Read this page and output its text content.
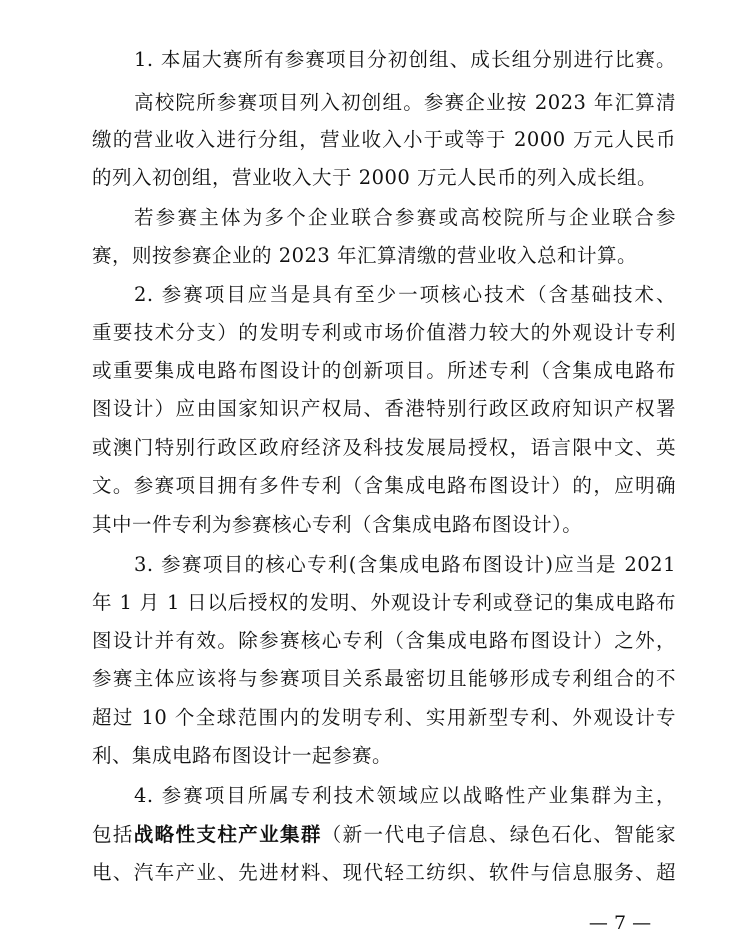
1. 本届大赛所有参赛项目分初创组、成长组分别进行比赛。
高校院所参赛项目列入初创组。参赛企业按 2023 年汇算清
缴的营业收入进行分组，营业收入小于或等于 2000 万元人民币
的列入初创组，营业收入大于 2000 万元人民币的列入成长组。
若参赛主体为多个企业联合参赛或高校院所与企业联合参
赛，则按参赛企业的 2023 年汇算清缴的营业收入总和计算。
2. 参赛项目应当是具有至少一项核心技术（含基础技术、
重要技术分支）的发明专利或市场价值潜力较大的外观设计专利
或重要集成电路布图设计的创新项目。所述专利（含集成电路布
图设计）应由国家知识产权局、香港特别行政区政府知识产权署
或澳门特别行政区政府经济及科技发展局授权，语言限中文、英
文。参赛项目拥有多件专利（含集成电路布图设计）的，应明确
其中一件专利为参赛核心专利（含集成电路布图设计）。
3. 参赛项目的核心专利(含集成电路布图设计)应当是 2021
年 1 月 1 日以后授权的发明、外观设计专利或登记的集成电路布
图设计并有效。除参赛核心专利（含集成电路布图设计）之外，
参赛主体应该将与参赛项目关系最密切且能够形成专利组合的不
超过 10 个全球范围内的发明专利、实用新型专利、外观设计专
利、集成电路布图设计一起参赛。
4. 参赛项目所属专利技术领域应以战略性产业集群为主，
包括战略性支柱产业集群（新一代电子信息、绿色石化、智能家
电、汽车产业、先进材料、现代轻工纺织、软件与信息服务、超
— 7 —
